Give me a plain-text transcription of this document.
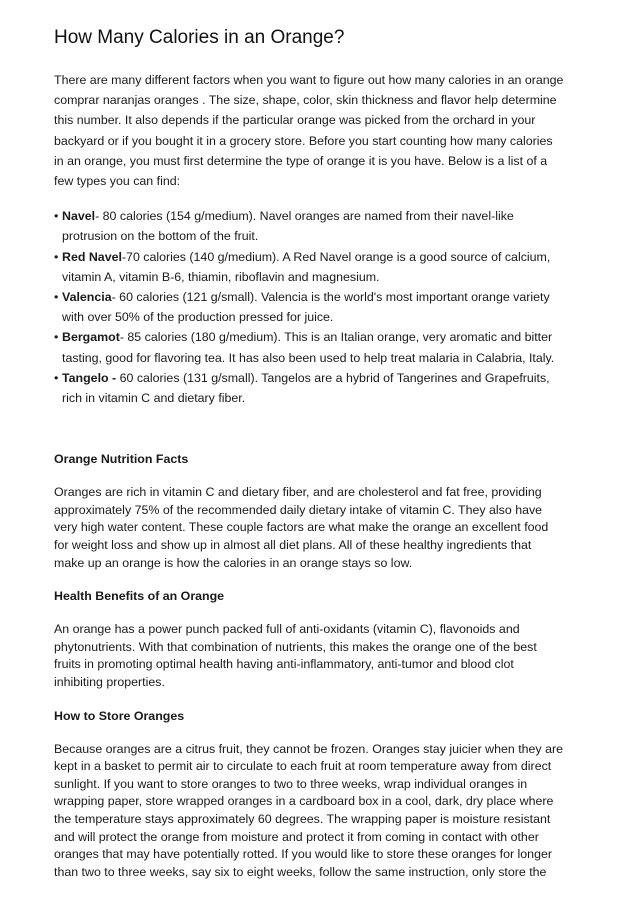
How Many Calories in an Orange?

There are many different factors when you want to figure out how many calories in an orange
comprar naranjas oranges . The size, shape, color, skin thickness and flavor help determine
this number. It also depends if the particular orange was picked from the orchard in your
backyard or if you bought it in a grocery store. Before you start counting how many calories
in an orange, you must first determine the type of orange it is you have. Below is a list of a
few types you can find:

• Navel- 80 calories (154 g/medium). Navel oranges are named from their navel-like
protrusion on the bottom of the fruit.
• Red Navel-70 calories (140 g/medium). A Red Navel orange is a good source of calcium,
vitamin A, vitamin B-6, thiamin, riboflavin and magnesium.
• Valencia- 60 calories (121 g/small). Valencia is the world's most important orange variety
with over 50% of the production pressed for juice.
• Bergamot- 85 calories (180 g/medium). This is an Italian orange, very aromatic and bitter
tasting, good for flavoring tea. It has also been used to help treat malaria in Calabria, Italy.
• Tangelo - 60 calories (131 g/small). Tangelos are a hybrid of Tangerines and Grapefruits,
rich in vitamin C and dietary fiber.
Orange Nutrition Facts

Oranges are rich in vitamin C and dietary fiber, and are cholesterol and fat free, providing
approximately 75% of the recommended daily dietary intake of vitamin C. They also have
very high water content. These couple factors are what make the orange an excellent food
for weight loss and show up in almost all diet plans. All of these healthy ingredients that
make up an orange is how the calories in an orange stays so low.

Health Benefits of an Orange

An orange has a power punch packed full of anti-oxidants (vitamin C), flavonoids and
phytonutrients. With that combination of nutrients, this makes the orange one of the best
fruits in promoting optimal health having anti-inflammatory, anti-tumor and blood clot
inhibiting properties.

How to Store Oranges

Because oranges are a citrus fruit, they cannot be frozen. Oranges stay juicier when they are
kept in a basket to permit air to circulate to each fruit at room temperature away from direct
sunlight. If you want to store oranges to two to three weeks, wrap individual oranges in
wrapping paper, store wrapped oranges in a cardboard box in a cool, dark, dry place where
the temperature stays approximately 60 degrees. The wrapping paper is moisture resistant
and will protect the orange from moisture and protect it from coming in contact with other
oranges that may have potentially rotted. If you would like to store these oranges for longer
than two to three weeks, say six to eight weeks, follow the same instruction, only store the
